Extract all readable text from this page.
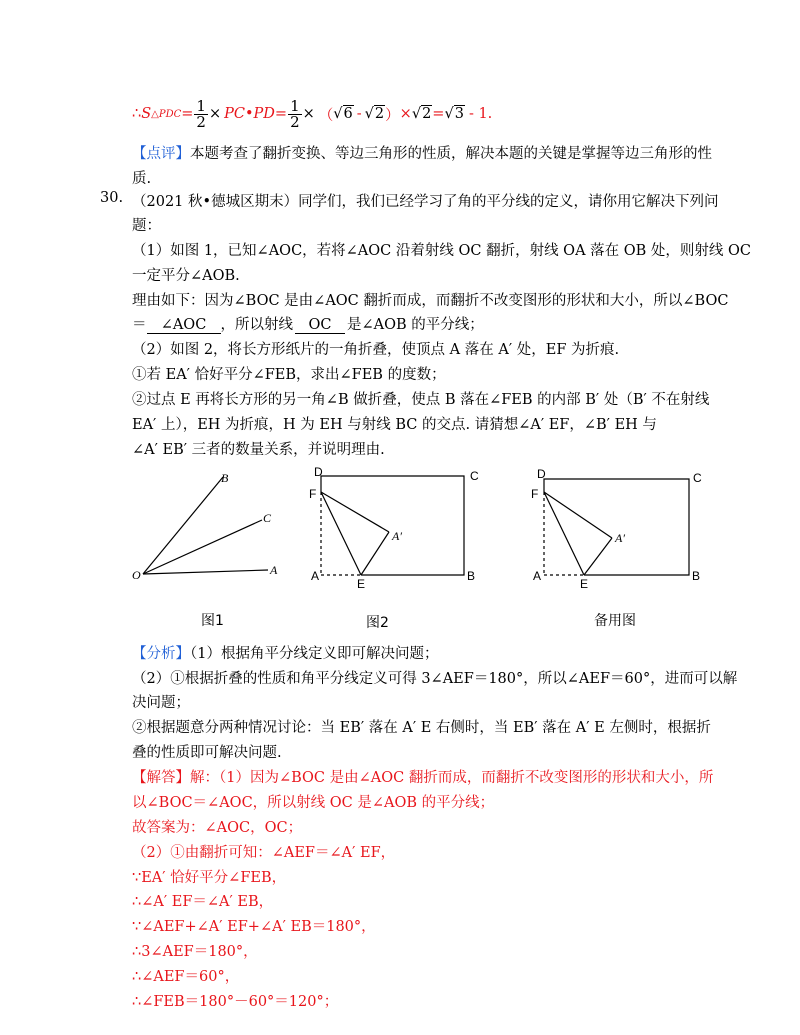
∴ S △PDC = $\frac{1}{2}$ × PC•PD = $\frac{1}{2}$ × （ √6 - √2 ） × √2 = √3 - 1.
【点评】本题考查了翻折变换、等边三角形的性质，解决本题的关键是掌握等边三角形的性
质.
30. （2021 秋•德城区期末）同学们，我们已经学习了角的平分线的定义，请你用它解决下列问
题：
（1）如图 1，已知∠AOC，若将∠AOC 沿着射线 OC 翻折，射线 OA 落在 OB 处，则射线 OC
一定平分∠AOB.
理由如下：因为∠BOC 是由∠AOC 翻折而成，而翻折不改变图形的形状和大小，所以∠BOC
＝ ∠AOC ，所以射线 OC 是∠AOB 的平分线；
（2）如图 2，将长方形纸片的一角折叠，使顶点 A 落在 A′ 处，EF 为折痕.
①若 EA′ 恰好平分∠FEB，求出∠FEB 的度数；
②过点 E 再将长方形的另一角∠B 做折叠，使点 B 落在∠FEB 的内部 B′ 处（B′ 不在射线
EA′ 上），EH 为折痕，H 为 EH 与射线 BC 的交点. 请猜想∠A′ EF，∠B′ EH 与
∠A′ EB′ 三者的数量关系，并说明理由.
B
C
O	A
D	C
F
A′
A
E
B
D	C
F
A′
A
E
B
图1	图2	备用图
【分析】（1）根据角平分线定义即可解决问题；
（2）①根据折叠的性质和角平分线定义可得 3∠AEF＝180°，所以∠AEF＝60°，进而可以解
决问题；
②根据题意分两种情况讨论：当 EB′ 落在 A′ E 右侧时，当 EB′ 落在 A′ E 左侧时，根据折
叠的性质即可解决问题.
【解答】解：（1）因为∠BOC 是由∠AOC 翻折而成，而翻折不改变图形的形状和大小，所
以∠BOC＝∠AOC，所以射线 OC 是∠AOB 的平分线；
故答案为：∠AOC，OC；
（2）①由翻折可知：∠AEF＝∠A′ EF，
∵EA′ 恰好平分∠FEB，
∴∠A′ EF＝∠A′ EB，
∵∠AEF+∠A′ EF+∠A′ EB＝180°，
∴3∠AEF＝180°，
∴∠AEF＝60°，
∴∠FEB＝180°－60°＝120°；
